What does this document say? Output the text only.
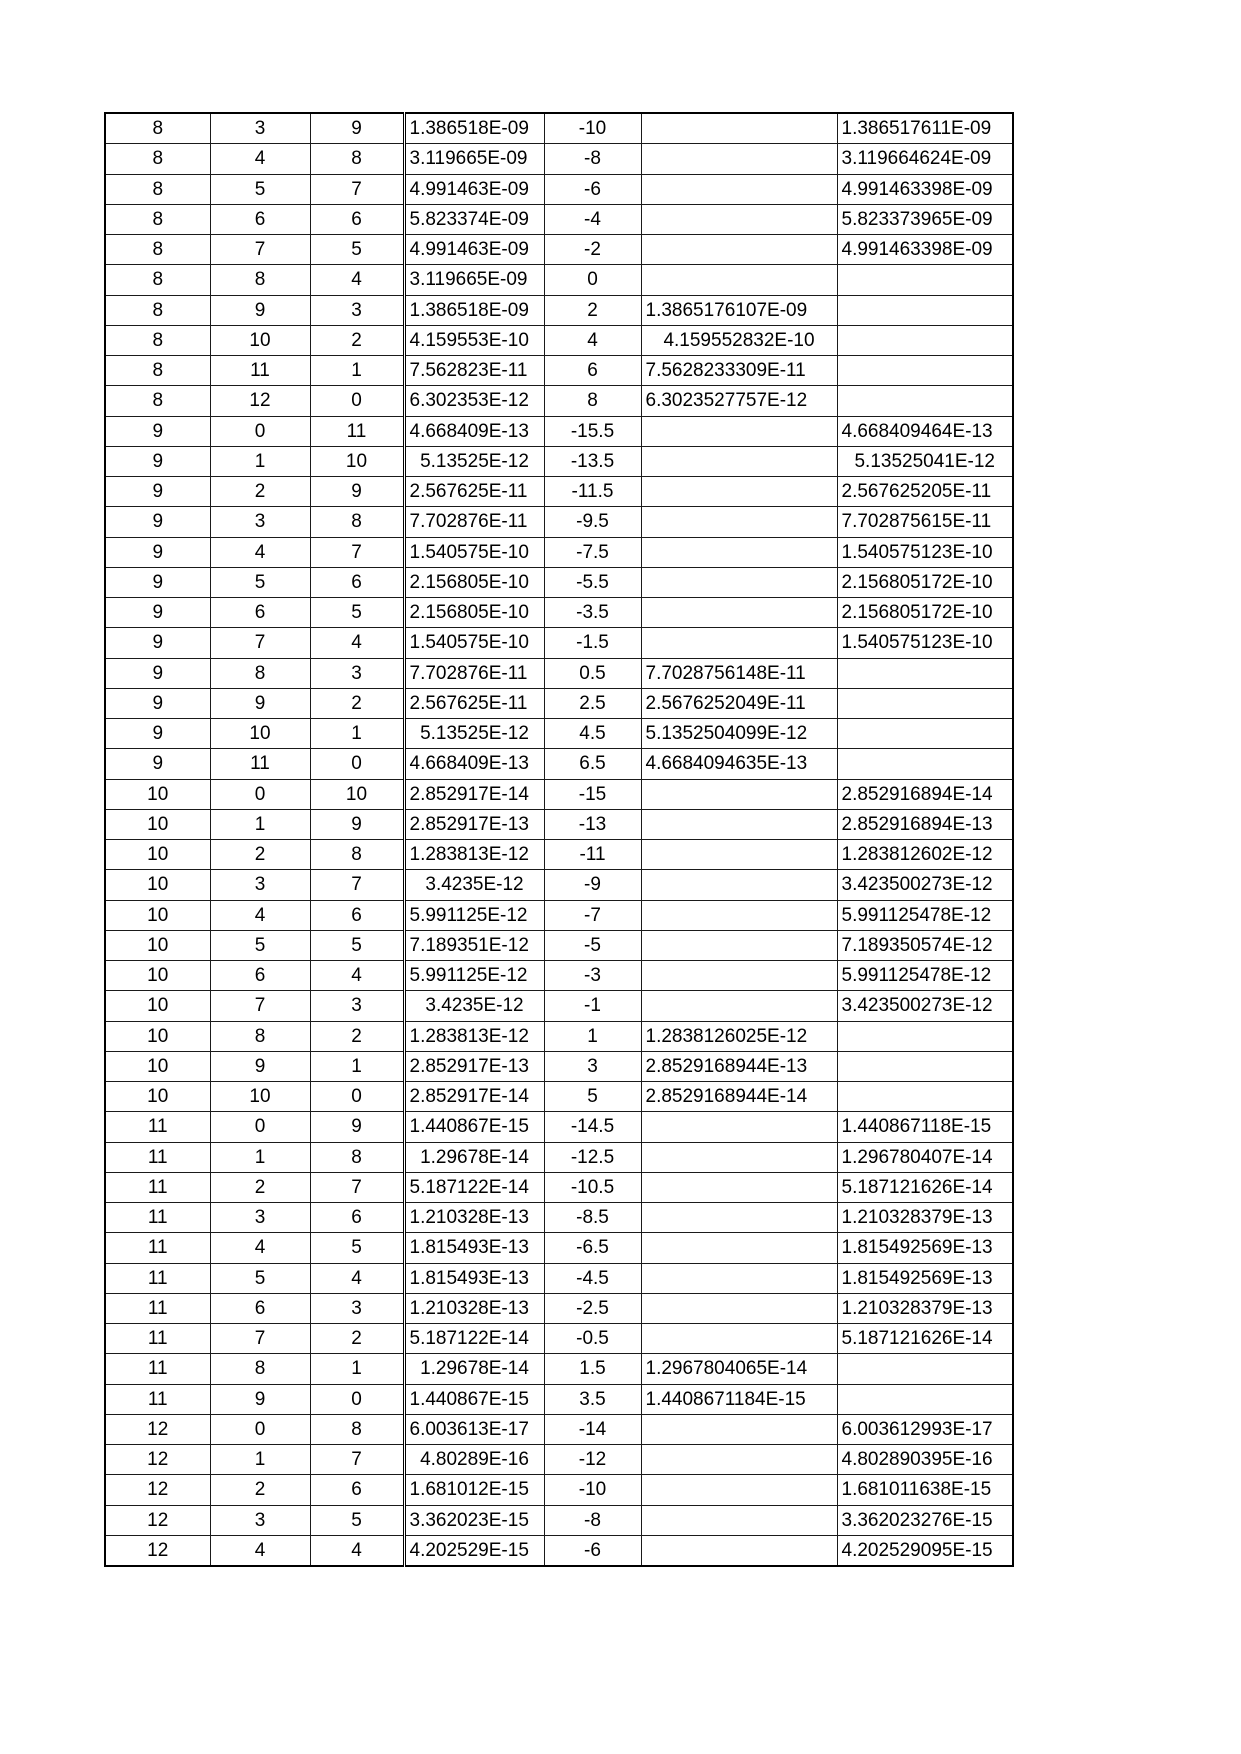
8	3	9	1.386518E-09	-10		1.386517611E-09
8	4	8	3.119665E-09	-8		3.119664624E-09
8	5	7	4.991463E-09	-6		4.991463398E-09
8	6	6	5.823374E-09	-4		5.823373965E-09
8	7	5	4.991463E-09	-2		4.991463398E-09
8	8	4	3.119665E-09	0		
8	9	3	1.386518E-09	2	1.3865176107E-09	
8	10	2	4.159553E-10	4	4.159552832E-10	
8	11	1	7.562823E-11	6	7.5628233309E-11	
8	12	0	6.302353E-12	8	6.3023527757E-12	
9	0	11	4.668409E-13	-15.5		4.668409464E-13
9	1	10	5.13525E-12	-13.5		5.13525041E-12
9	2	9	2.567625E-11	-11.5		2.567625205E-11
9	3	8	7.702876E-11	-9.5		7.702875615E-11
9	4	7	1.540575E-10	-7.5		1.540575123E-10
9	5	6	2.156805E-10	-5.5		2.156805172E-10
9	6	5	2.156805E-10	-3.5		2.156805172E-10
9	7	4	1.540575E-10	-1.5		1.540575123E-10
9	8	3	7.702876E-11	0.5	7.7028756148E-11	
9	9	2	2.567625E-11	2.5	2.5676252049E-11	
9	10	1	5.13525E-12	4.5	5.1352504099E-12	
9	11	0	4.668409E-13	6.5	4.6684094635E-13	
10	0	10	2.852917E-14	-15		2.852916894E-14
10	1	9	2.852917E-13	-13		2.852916894E-13
10	2	8	1.283813E-12	-11		1.283812602E-12
10	3	7	3.4235E-12	-9		3.423500273E-12
10	4	6	5.991125E-12	-7		5.991125478E-12
10	5	5	7.189351E-12	-5		7.189350574E-12
10	6	4	5.991125E-12	-3		5.991125478E-12
10	7	3	3.4235E-12	-1		3.423500273E-12
10	8	2	1.283813E-12	1	1.2838126025E-12	
10	9	1	2.852917E-13	3	2.8529168944E-13	
10	10	0	2.852917E-14	5	2.8529168944E-14	
11	0	9	1.440867E-15	-14.5		1.440867118E-15
11	1	8	1.29678E-14	-12.5		1.296780407E-14
11	2	7	5.187122E-14	-10.5		5.187121626E-14
11	3	6	1.210328E-13	-8.5		1.210328379E-13
11	4	5	1.815493E-13	-6.5		1.815492569E-13
11	5	4	1.815493E-13	-4.5		1.815492569E-13
11	6	3	1.210328E-13	-2.5		1.210328379E-13
11	7	2	5.187122E-14	-0.5		5.187121626E-14
11	8	1	1.29678E-14	1.5	1.2967804065E-14	
11	9	0	1.440867E-15	3.5	1.4408671184E-15	
12	0	8	6.003613E-17	-14		6.003612993E-17
12	1	7	4.80289E-16	-12		4.802890395E-16
12	2	6	1.681012E-15	-10		1.681011638E-15
12	3	5	3.362023E-15	-8		3.362023276E-15
12	4	4	4.202529E-15	-6		4.202529095E-15
